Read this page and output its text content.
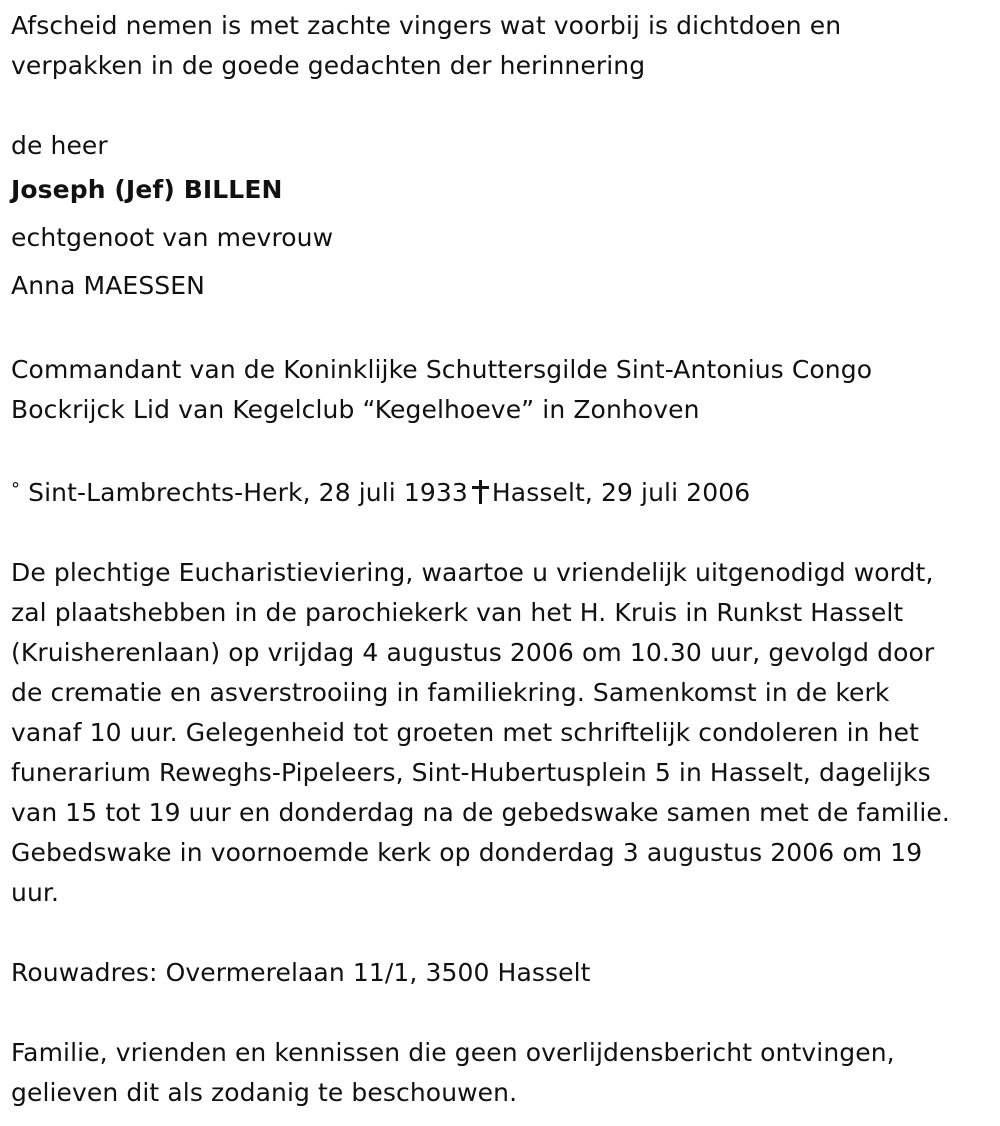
Afscheid nemen is met zachte vingers wat voorbij is dichtdoen en

verpakken in de goede gedachten der herinnering

de heer

Joseph (Jef) BILLEN

echtgenoot van mevrouw

Anna MAESSEN

Commandant van de Koninklijke Schuttersgilde Sint-Antonius Congo

Bockrijck Lid van Kegelclub “Kegelhoeve” in Zonhoven

° Sint-Lambrechts-Herk, 28 juli 1933 Hasselt, 29 juli 2006

De plechtige Eucharistieviering, waartoe u vriendelijk uitgenodigd wordt,

zal plaatshebben in de parochiekerk van het H. Kruis in Runkst Hasselt

(Kruisherenlaan) op vrijdag 4 augustus 2006 om 10.30 uur, gevolgd door

de crematie en asverstrooiing in familiekring. Samenkomst in de kerk

vanaf 10 uur. Gelegenheid tot groeten met schriftelijk condoleren in het

funerarium Reweghs-Pipeleers, Sint-Hubertusplein 5 in Hasselt, dagelijks

van 15 tot 19 uur en donderdag na de gebedswake samen met de familie.

Gebedswake in voornoemde kerk op donderdag 3 augustus 2006 om 19

uur.

Rouwadres: Overmerelaan 11/1, 3500 Hasselt

Familie, vrienden en kennissen die geen overlijdensbericht ontvingen,

gelieven dit als zodanig te beschouwen.
